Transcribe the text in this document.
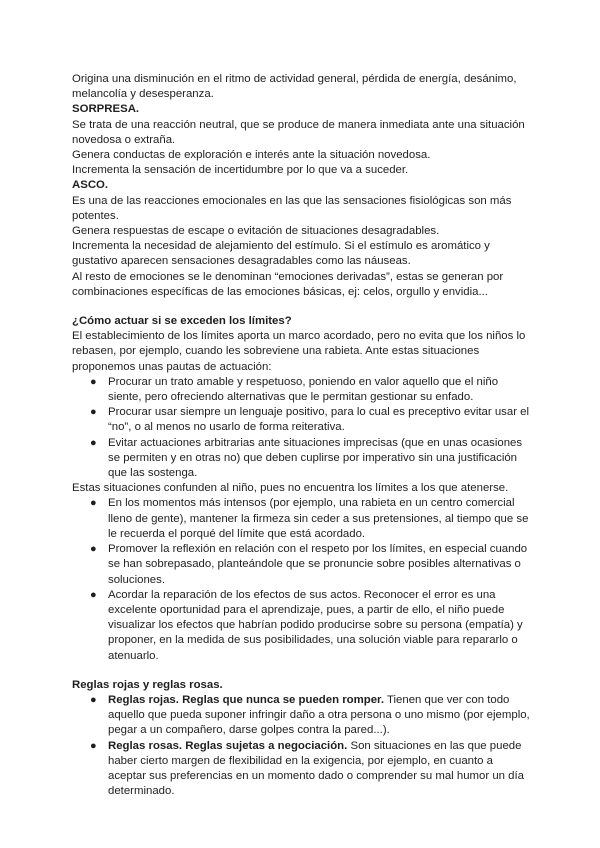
Origina una disminución en el ritmo de actividad general, pérdida de energía, desánimo, melancolía y desesperanza.

SORPRESA.

Se trata de una reacción neutral, que se produce de manera inmediata ante una situación novedosa o extraña.

Genera conductas de exploración e interés ante la situación novedosa.

Incrementa la sensación de incertidumbre por lo que va a suceder.

ASCO.

Es una de las reacciones emocionales en las que las sensaciones fisiológicas son más potentes.

Genera respuestas de escape o evitación de situaciones desagradables.

Incrementa la necesidad de alejamiento del estímulo. Si el estímulo es aromático y gustativo aparecen sensaciones desagradables como las náuseas.

Al resto de emociones se le denominan “emociones derivadas”, estas se generan por combinaciones específicas de las emociones básicas, ej: celos, orgullo y envidia...

¿Cómo actuar si se exceden los límites?

El establecimiento de los límites aporta un marco acordado, pero no evita que los niños lo rebasen, por ejemplo, cuando les sobreviene una rabieta. Ante estas situaciones proponemos unas pautas de actuación:

● Procurar un trato amable y respetuoso, poniendo en valor aquello que el niño siente, pero ofreciendo alternativas que le permitan gestionar su enfado.
● Procurar usar siempre un lenguaje positivo, para lo cual es preceptivo evitar usar el “no”, o al menos no usarlo de forma reiterativa.
● Evitar actuaciones arbitrarias ante situaciones imprecisas (que en unas ocasiones se permiten y en otras no) que deben cuplirse por imperativo sin una justificación que las sostenga.

Estas situaciones confunden al niño, pues no encuentra los límites a los que atenerse.

● En los momentos más intensos (por ejemplo, una rabieta en un centro comercial lleno de gente), mantener la firmeza sin ceder a sus pretensiones, al tiempo que se le recuerda el porqué del límite que está acordado.
● Promover la reflexión en relación con el respeto por los límites, en especial cuando se han sobrepasado, planteándole que se pronuncie sobre posibles alternativas o soluciones.
● Acordar la reparación de los efectos de sus actos. Reconocer el error es una excelente oportunidad para el aprendizaje, pues, a partir de ello, el niño puede visualizar los efectos que habrían podido producirse sobre su persona (empatía) y proponer, en la medida de sus posibilidades, una solución viable para repararlo o atenuarlo.

Reglas rojas y reglas rosas.

● Reglas rojas. Reglas que nunca se pueden romper. Tienen que ver con todo aquello que pueda suponer infringir daño a otra persona o uno mismo (por ejemplo, pegar a un compañero, darse golpes contra la pared...).
● Reglas rosas. Reglas sujetas a negociación. Son situaciones en las que puede haber cierto margen de flexibilidad en la exigencia, por ejemplo, en cuanto a aceptar sus preferencias en un momento dado o comprender su mal humor un día determinado.
